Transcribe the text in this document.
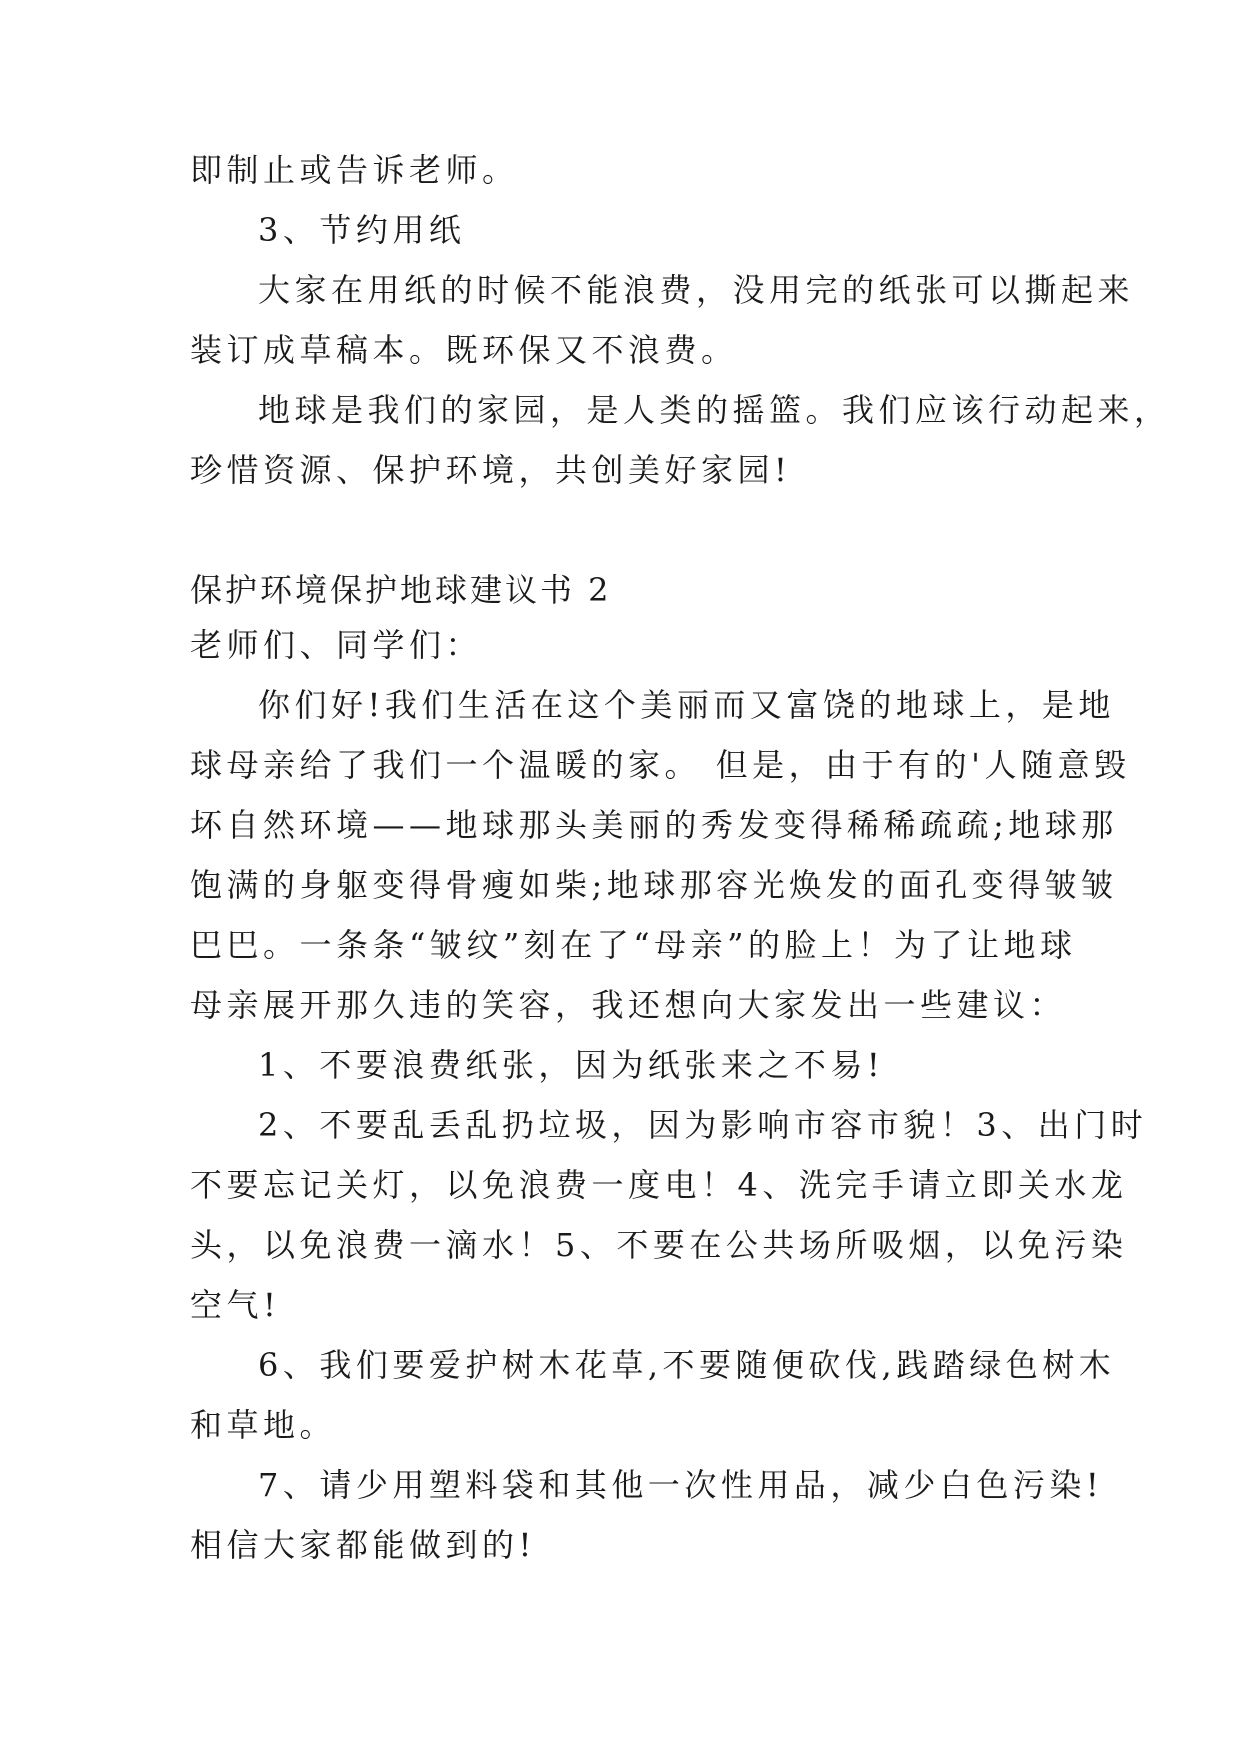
即制止或告诉老师。
3、节约用纸
大家在用纸的时候不能浪费，没用完的纸张可以撕起来
装订成草稿本。既环保又不浪费。
地球是我们的家园，是人类的摇篮。我们应该行动起来，
珍惜资源、保护环境，共创美好家园!
保护环境保护地球建议书 2
老师们、同学们：
你们好!我们生活在这个美丽而又富饶的地球上，是地
球母亲给了我们一个温暖的家。 但是，由于有的'人随意毁
坏自然环境——地球那头美丽的秀发变得稀稀疏疏;地球那
饱满的身躯变得骨瘦如柴;地球那容光焕发的面孔变得皱皱
巴巴。一条条“皱纹”刻在了“母亲”的脸上！为了让地球
母亲展开那久违的笑容，我还想向大家发出一些建议：
1、不要浪费纸张，因为纸张来之不易!
2、不要乱丢乱扔垃圾，因为影响市容市貌！3、出门时
不要忘记关灯，以免浪费一度电！4、洗完手请立即关水龙
头，以免浪费一滴水！5、不要在公共场所吸烟，以免污染
空气!
6、我们要爱护树木花草,不要随便砍伐,践踏绿色树木
和草地。
7、请少用塑料袋和其他一次性用品，减少白色污染!
相信大家都能做到的!
